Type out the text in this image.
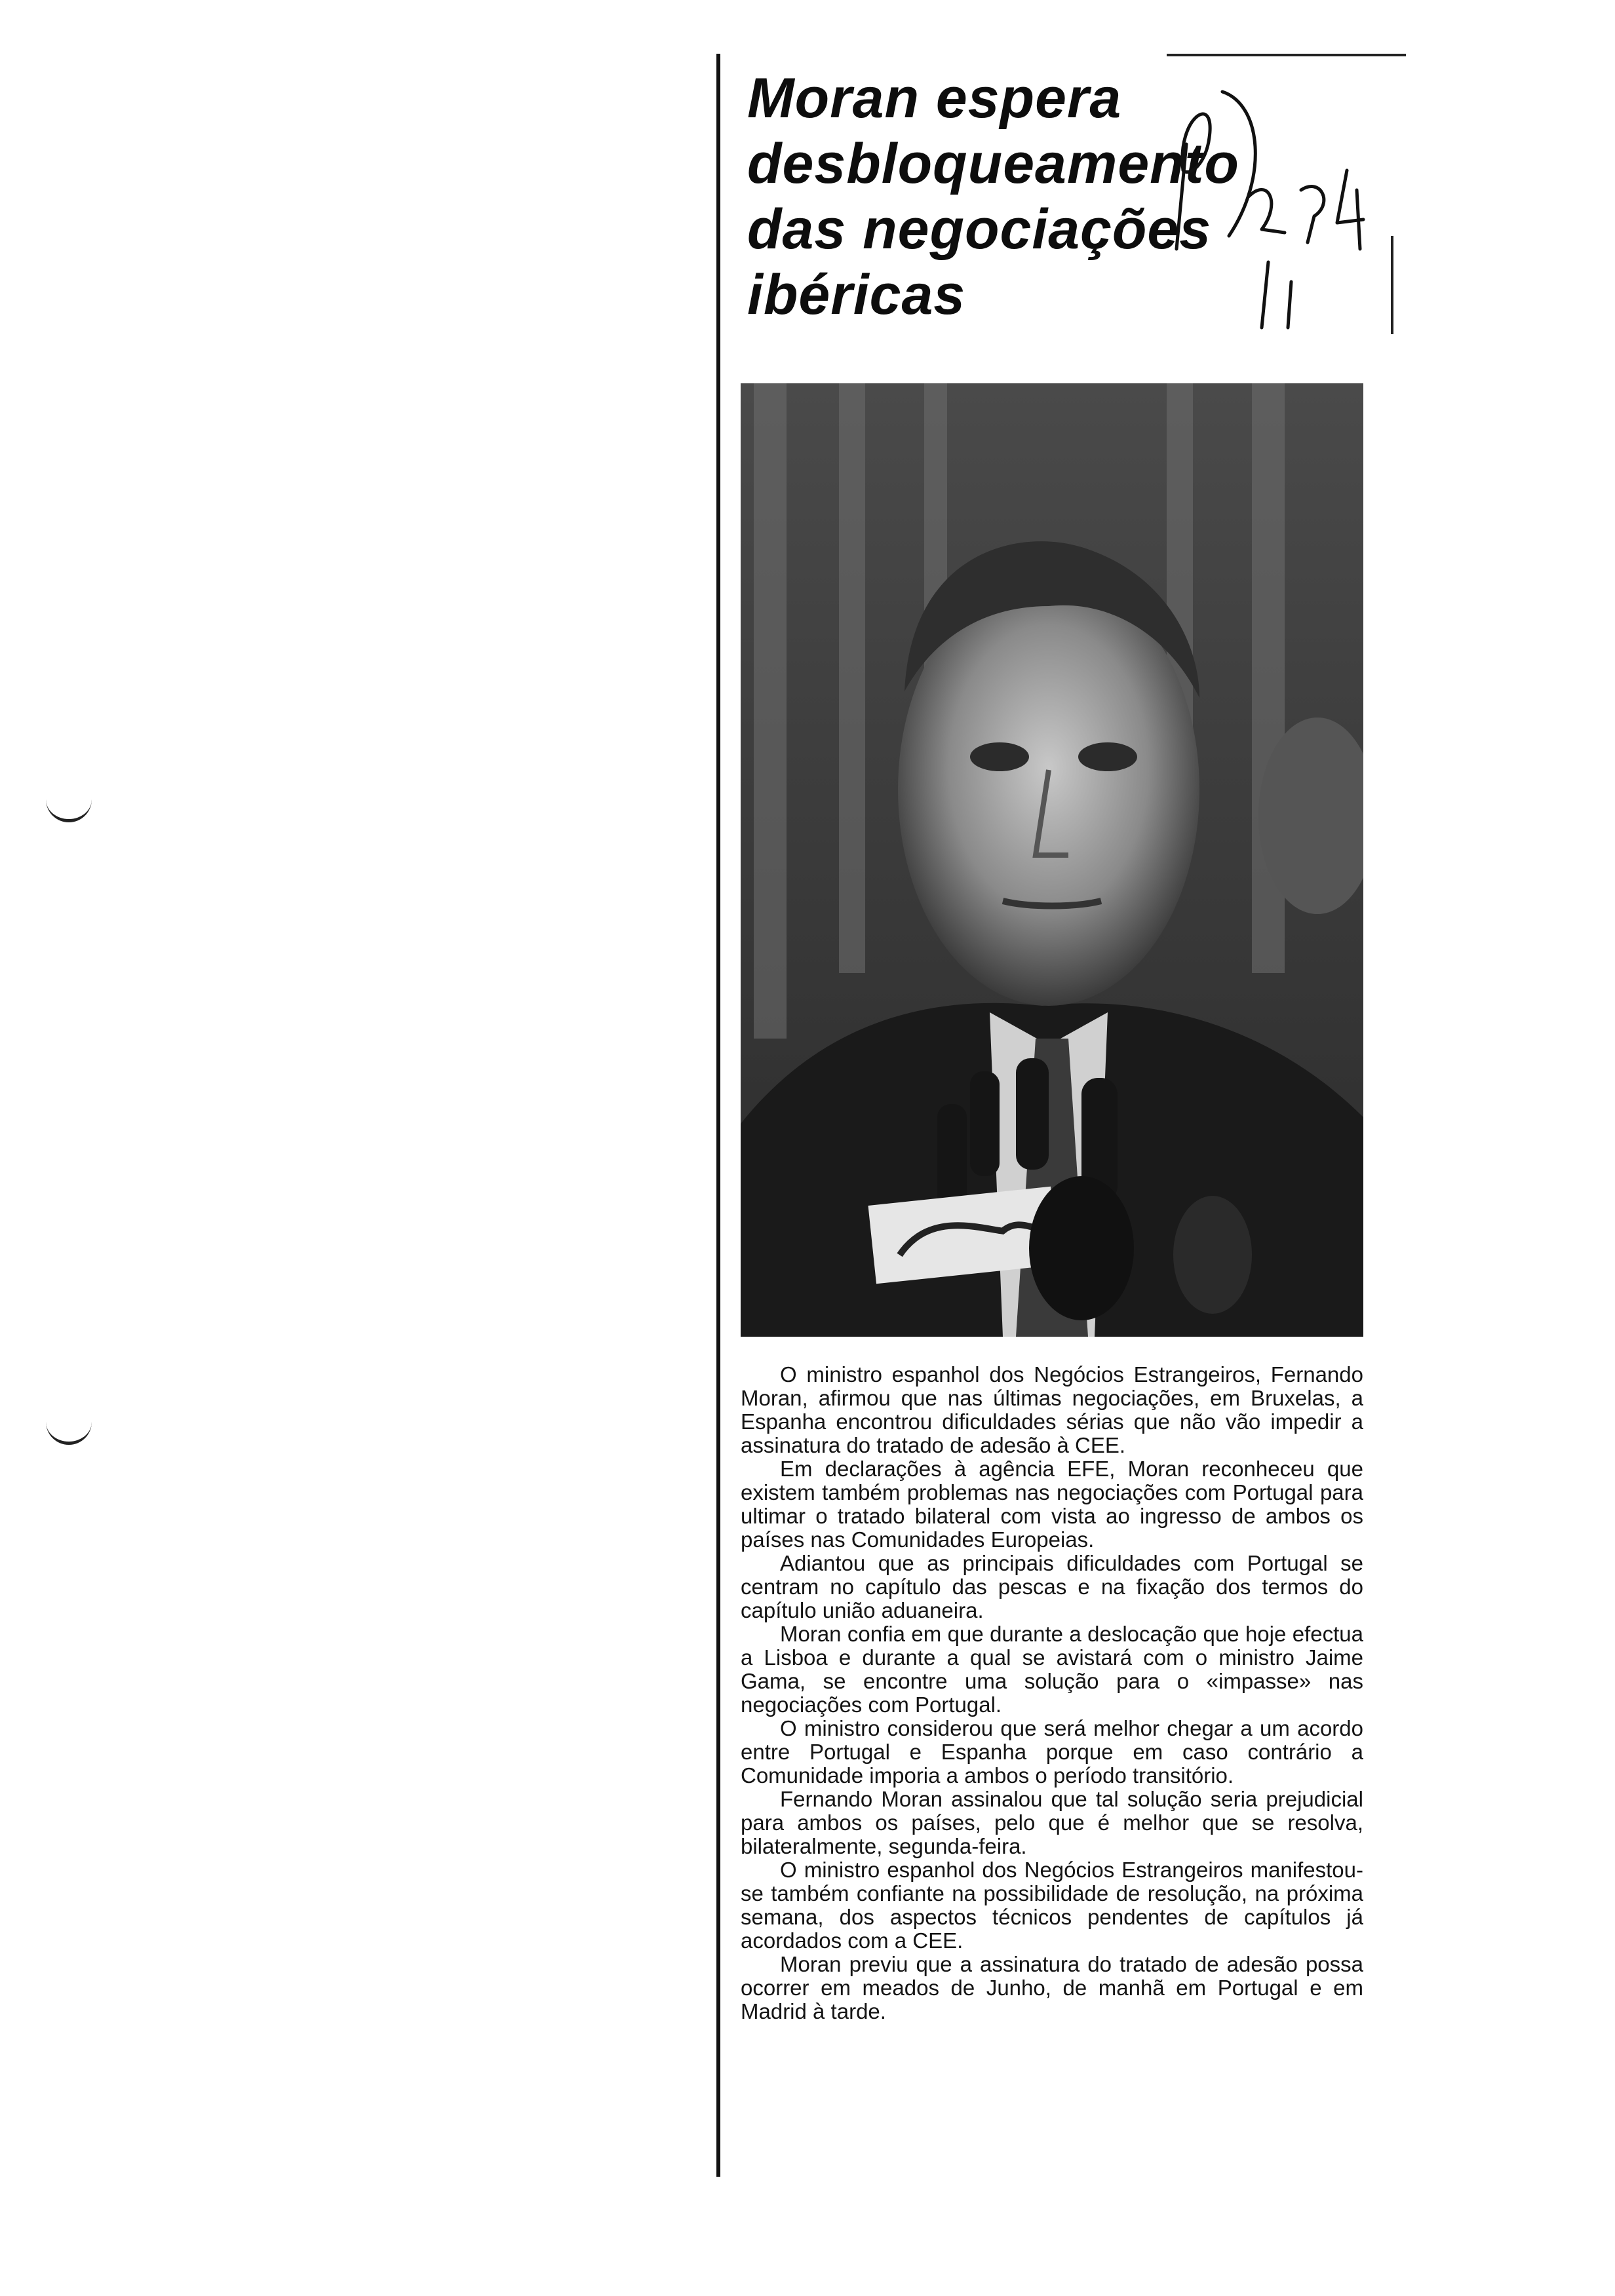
Moran espera
desbloqueamento
das negociações
ibéricas

O ministro espanhol dos Negócios Estrangeiros, Fernando Moran, afirmou que nas últimas negociações, em Bruxelas, a Espanha encontrou dificuldades sérias que não vão impedir a assinatura do tratado de adesão à CEE.

Em declarações à agência EFE, Moran reconheceu que existem também problemas nas negociações com Portugal para ultimar o tratado bilateral com vista ao ingresso de ambos os países nas Comunidades Europeias.

Adiantou que as principais dificuldades com Portugal se centram no capítulo das pescas e na fixação dos termos do capítulo união aduaneira.

Moran confia em que durante a deslocação que hoje efectua a Lisboa e durante a qual se avistará com o ministro Jaime Gama, se encontre uma solução para o «impasse» nas negociações com Portugal.

O ministro considerou que será melhor chegar a um acordo entre Portugal e Espanha porque em caso contrário a Comunidade imporia a ambos o período transitório.

Fernando Moran assinalou que tal solução seria prejudicial para ambos os países, pelo que é melhor que se resolva, bilateralmente, segunda-feira.

O ministro espanhol dos Negócios Estrangeiros manifestou-se também confiante na possibilidade de resolução, na próxima semana, dos aspectos técnicos pendentes de capítulos já acordados com a CEE.

Moran previu que a assinatura do tratado de adesão possa ocorrer em meados de Junho, de manhã em Portugal e em Madrid à tarde.
